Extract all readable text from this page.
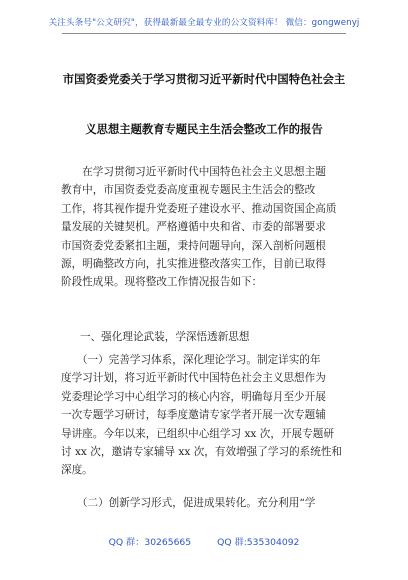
关注头条号"公文研究"，获得最新最全最专业的公文资料库！ 微信：gongwenyj
市国资委党委关于学习贯彻习近平新时代中国特色社会主
义思想主题教育专题民主生活会整改工作的报告
　　在学习贯彻习近平新时代中国特色社会主义思想主题
教育中，市国资委党委高度重视专题民主生活会的整改
工作，将其视作提升党委班子建设水平、推动国资国企高质
量发展的关键契机。严格遵循中央和省、市委的部署要求
市国资委党委紧扣主题，秉持问题导向，深入剖析问题根
源，明确整改方向，扎实推进整改落实工作，目前已取得
阶段性成果。现将整改工作情况报告如下：
一、强化理论武装，学深悟透新思想
　　（一）完善学习体系，深化理论学习。制定详实的年
度学习计划，将习近平新时代中国特色社会主义思想作为
党委理论学习中心组学习的核心内容，明确每月至少开展
一次专题学习研讨，每季度邀请专家学者开展一次专题辅
导讲座。今年以来，已组织中心组学习 xx 次，开展专题研
讨 xx 次，邀请专家辅导 xx 次，有效增强了学习的系统性和
深度。
　　（二）创新学习形式，促进成果转化。充分利用“学
QQ 群：30265665	QQ 群:535304092
